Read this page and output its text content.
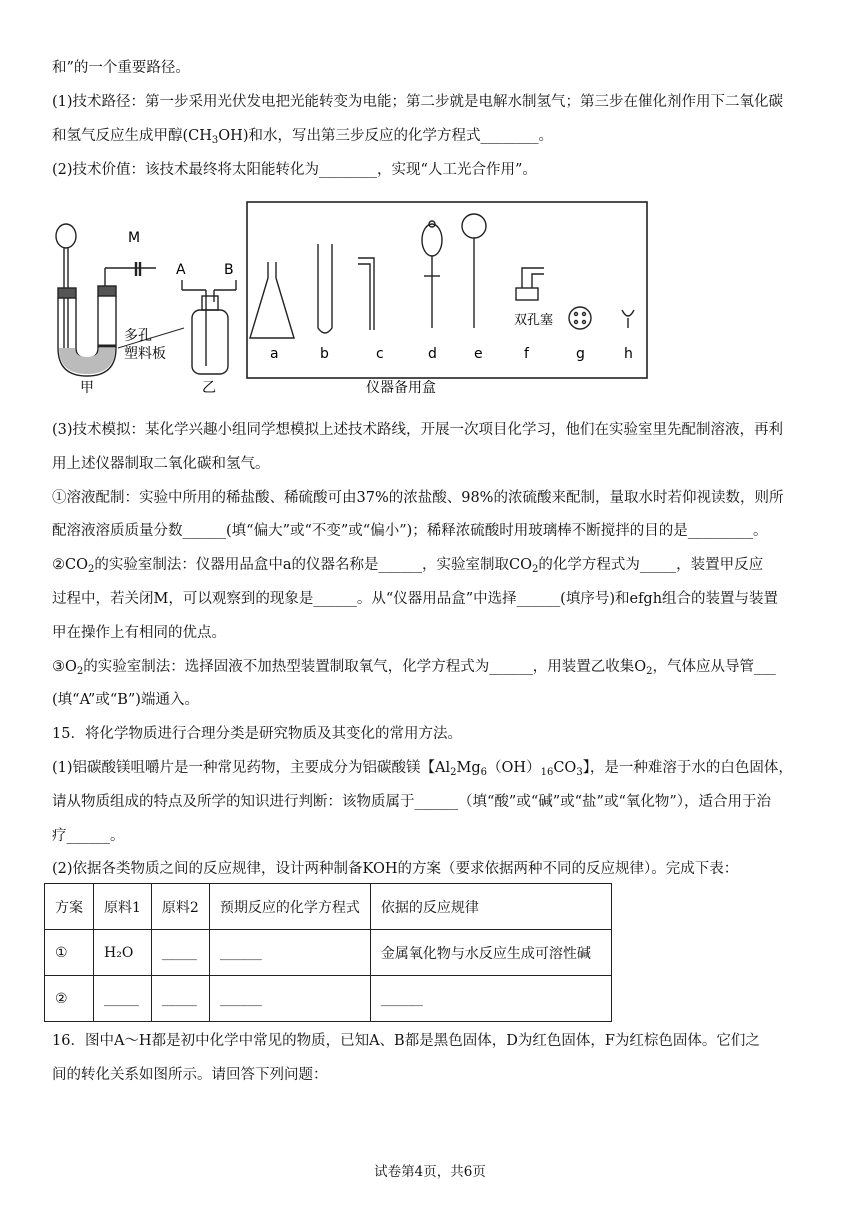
和”的一个重要路径。
(1)技术路径：第一步采用光伏发电把光能转变为电能；第二步就是电解水制氢气；第三步在催化剂作用下二氧化碳
和氢气反应生成甲醇$(CH_3OH)$和水，写出第三步反应的化学方程式________。
(2)技术价值：该技术最终将太阳能转化为________，实现“人工光合作用”。
M
多孔
塑料板
甲
A	B
乙
双孔塞
a	b	c	d	e	f	g	h
仪器备用盒
(3)技术模拟：某化学兴趣小组同学想模拟上述技术路线，开展一次项目化学习，他们在实验室里先配制溶液，再利
用上述仪器制取二氧化碳和氢气。
①溶液配制：实验中所用的稀盐酸、稀硫酸可由37%的浓盐酸、98%的浓硫酸来配制，量取水时若仰视读数，则所
配溶液溶质质量分数______(填“偏大”或“不变”或“偏小”)；稀释浓硫酸时用玻璃棒不断搅拌的目的是_________。
$②CO_2$的实验室制法：仪器用品盒中a的仪器名称是______，实验室制取$CO_2$的化学方程式为_____，装置甲反应
过程中，若关闭M，可以观察到的现象是______。从“仪器用品盒”中选择______(填序号)和efgh组合的装置与装置
甲在操作上有相同的优点。
$③O_2$的实验室制法：选择固液不加热型装置制取氧气，化学方程式为______，用装置乙收集$O_2$，气体应从导管___
(填“A”或“B”)端通入。
15．将化学物质进行合理分类是研究物质及其变化的常用方法。
(1)铝碳酸镁咀嚼片是一种常见药物，主要成分为铝碳酸镁【$Al_2Mg_6(OH)_{16}CO_3$】，是一种难溶于水的白色固体，
请从物质组成的特点及所学的知识进行判断：该物质属于______（填“酸”或“碱”或“盐”或“氧化物”），适合用于治
疗______。
(2)依据各类物质之间的反应规律，设计两种制备KOH的方案（要求依据两种不同的反应规律）。完成下表：
方案	原料1	原料2	预期反应的化学方程式	依据的反应规律
①	H₂O	_____	______	金属氧化物与水反应生成可溶性碱
②	_____	_____	______	______
16．图中A～H都是初中化学中常见的物质，已知A、B都是黑色固体，D为红色固体，F为红棕色固体。它们之
间的转化关系如图所示。请回答下列问题：
试卷第4页，共6页
